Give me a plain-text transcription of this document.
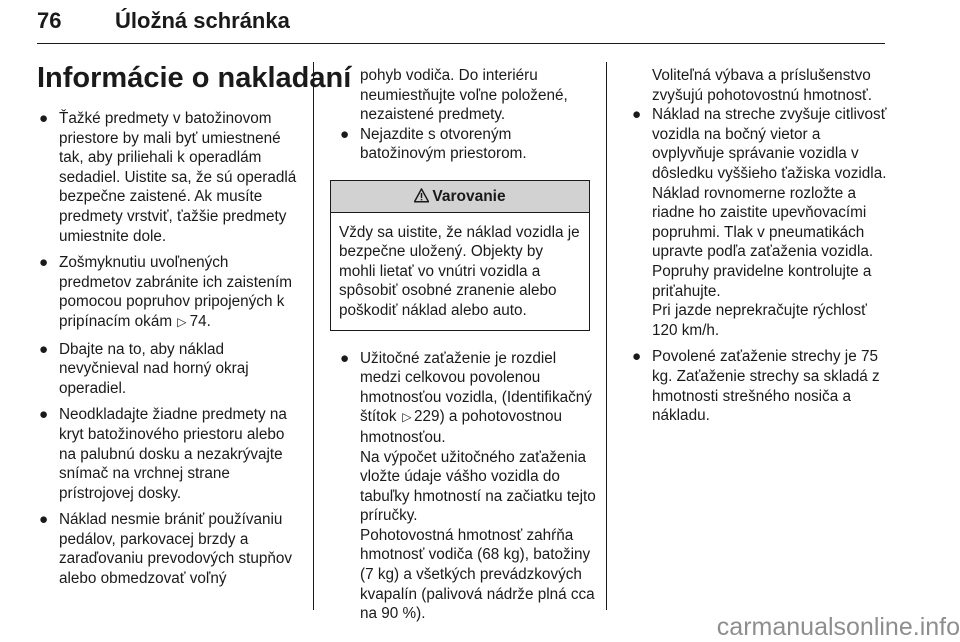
76 Úložná schránka
Informácie o nakladaní
● Ťažké predmety v batožinovom priestore by mali byť umiestnené tak, aby priliehali k operadlám sedadiel. Uistite sa, že sú operadlá bezpečne zaistené. Ak musíte predmety vrstviť, ťažšie predmety umiestnite dole.

● Zošmyknutiu uvoľnených predmetov zabránite ich zaistením pomocou popruhov pripojených k pripínacím okám ▽74.

● Dbajte na to, aby náklad nevyčnieval nad horný okraj operadiel.

● Neodkladajte žiadne predmety na kryt batožinového priestoru alebo na palubnú dosku a nezakrývajte snímač na vrchnej strane prístrojovej dosky.

● Náklad nesmie brániť používaniu pedálov, parkovacej brzdy a zaraďovaniu prevodových stupňov alebo obmedzovať voľný

pohyb vodiča. Do interiéru neumiestňujte voľne položené, nezaistené predmety.

● Nejazdite s otvoreným batožinovým priestorom.

Varovanie

Vždy sa uistite, že náklad vozidla je bezpečne uložený. Objekty by mohli lietať vo vnútri vozidla a spôsobiť osobné zranenie alebo poškodiť náklad alebo auto.

● Užitočné zaťaženie je rozdiel medzi celkovou povolenou hmotnosťou vozidla, (Identifikačný štítok ▽229) a pohotovostnou hmotnosťou.

Na výpočet užitočného zaťaženia vložte údaje vášho vozidla do tabuľky hmotností na začiatku tejto príručky.

Pohotovostná hmotnosť zahŕňa hmotnosť vodiča (68 kg), batožiny (7 kg) a všetkých prevádzkových kvapalín (palivová nádrže plná cca na 90 %).

Voliteľná výbava a príslušenstvo zvyšujú pohotovostnú hmotnosť.

● Náklad na streche zvyšuje citlivosť vozidla na bočný vietor a ovplyvňuje správanie vozidla v dôsledku vyššieho ťažiska vozidla. Náklad rovnomerne rozložte a riadne ho zaistite upevňovacími popruhmi. Tlak v pneumatikách upravte podľa zaťaženia vozidla. Popruhy pravidelne kontrolujte a priťahujte.

Pri jazde neprekračujte rýchlosť 120 km/h.

● Povolené zaťaženie strechy je 75 kg. Zaťaženie strechy sa skladá z hmotnosti strešného nosiča a nákladu.

carmanualsonline.info
